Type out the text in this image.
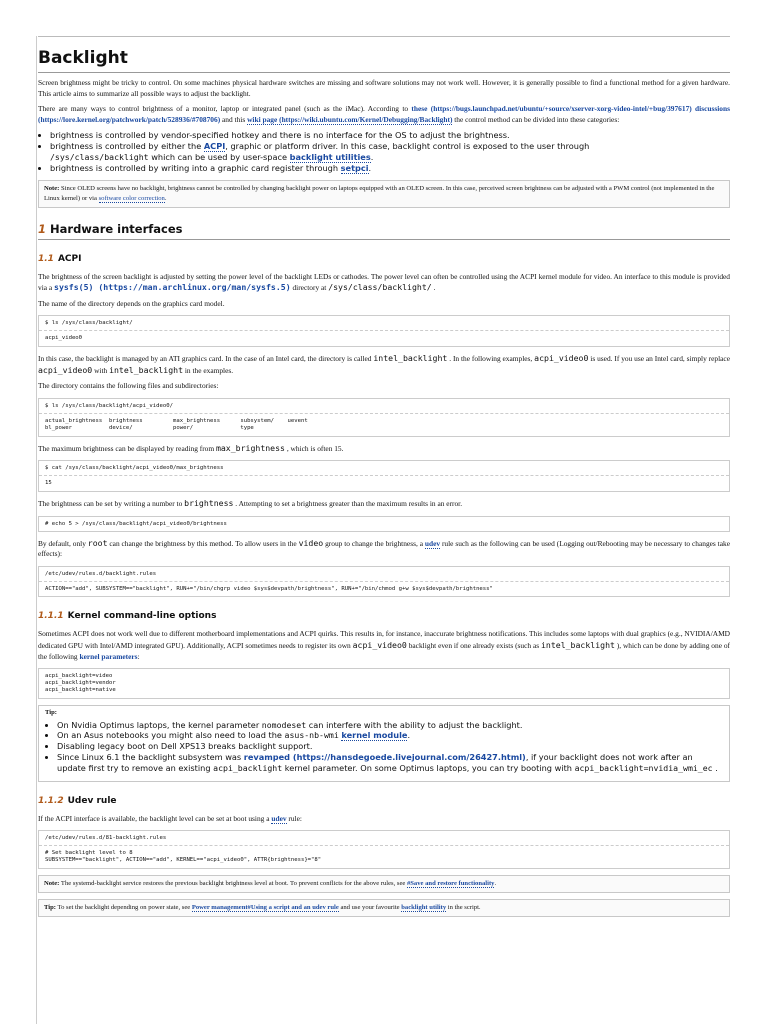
Backlight

Screen brightness might be tricky to control. On some machines physical hardware switches are missing and software solutions may not work well. However, it is generally possible to find a functional method for a given hardware. This article aims to summarize all possible ways to adjust the backlight.

There are many ways to control brightness of a monitor, laptop or integrated panel (such as the iMac). According to these (https://bugs.launchpad.net/ubuntu/+source/xserver-xorg-video-intel/+bug/397617) discussions (https://lore.kernel.org/patchwork/patch/528936/#708706) and this wiki page (https://wiki.ubuntu.com/Kernel/Debugging/Backlight) the control method can be divided into these categories:

• brightness is controlled by vendor-specified hotkey and there is no interface for the OS to adjust the brightness.
• brightness is controlled by either the ACPI, graphic or platform driver. In this case, backlight control is exposed to the user through
/sys/class/backlight which can be used by user-space backlight utilities.
• brightness is controlled by writing into a graphic card register through setpci.
Note: Since OLED screens have no backlight, brightness cannot be controlled by changing backlight power on laptops equipped with an OLED screen. In this case, perceived screen brightness can be adjusted with a PWM control (not implemented in the Linux kernel) or via software color correction.
1 Hardware interfaces
1.1 ACPI

The brightness of the screen backlight is adjusted by setting the power level of the backlight LEDs or cathodes. The power level can often be controlled using the ACPI kernel module for video. An interface to this module is provided via a sysfs(5) (https://man.archlinux.org/man/sysfs.5) directory at /sys/class/backlight/ .

The name of the directory depends on the graphics card model.

$ ls /sys/class/backlight/
acpi_video0

In this case, the backlight is managed by an ATI graphics card. In the case of an Intel card, the directory is called intel_backlight . In the following examples, acpi_video0 is used. If you use an Intel card, simply replace acpi_video0 with intel_backlight in the examples.

The directory contains the following files and subdirectories:

$ ls /sys/class/backlight/acpi_video0/
actual_brightness  brightness         max_brightness      subsystem/    uevent
bl_power           device/            power/              type

The maximum brightness can be displayed by reading from max_brightness , which is often 15.

$ cat /sys/class/backlight/acpi_video0/max_brightness
15

The brightness can be set by writing a number to brightness . Attempting to set a brightness greater than the maximum results in an error.

# echo 5 > /sys/class/backlight/acpi_video0/brightness

By default, only root can change the brightness by this method. To allow users in the video group to change the brightness, a udev rule such as the following can be used (Logging out/Rebooting may be necessary to changes take effects):

/etc/udev/rules.d/backlight.rules
ACTION=="add", SUBSYSTEM=="backlight", RUN+="/bin/chgrp video $sys$devpath/brightness", RUN+="/bin/chmod g+w $sys$devpath/brightness"
1.1.1 Kernel command-line options

Sometimes ACPI does not work well due to different motherboard implementations and ACPI quirks. This results in, for instance, inaccurate brightness notifications. This includes some laptops with dual graphics (e.g., NVIDIA/AMD dedicated GPU with Intel/AMD integrated GPU). Additionally, ACPI sometimes needs to register its own acpi_video0 backlight even if one already exists (such as intel_backlight ), which can be done by adding one of the following kernel parameters:

acpi_backlight=video
acpi_backlight=vendor
acpi_backlight=native
Tip:
• On Nvidia Optimus laptops, the kernel parameter nomodeset can interfere with the ability to adjust the backlight.
• On an Asus notebooks you might also need to load the asus-nb-wmi kernel module.
• Disabling legacy boot on Dell XPS13 breaks backlight support.
• Since Linux 6.1 the backlight subsystem was revamped (https://hansdegoede.livejournal.com/26427.html), if your backlight does not work after an update first try to remove an existing acpi_backlight kernel parameter. On some Optimus laptops, you can try booting with acpi_backlight=nvidia_wmi_ec .
1.1.2 Udev rule

If the ACPI interface is available, the backlight level can be set at boot using a udev rule:

/etc/udev/rules.d/81-backlight.rules
# Set backlight level to 8
SUBSYSTEM=="backlight", ACTION=="add", KERNEL=="acpi_video0", ATTR{brightness}="8"
Note: The systemd-backlight service restores the previous backlight brightness level at boot. To prevent conflicts for the above rules, see #Save and restore functionality.
Tip: To set the backlight depending on power state, see Power management#Using a script and an udev rule and use your favourite backlight utility in the script.
